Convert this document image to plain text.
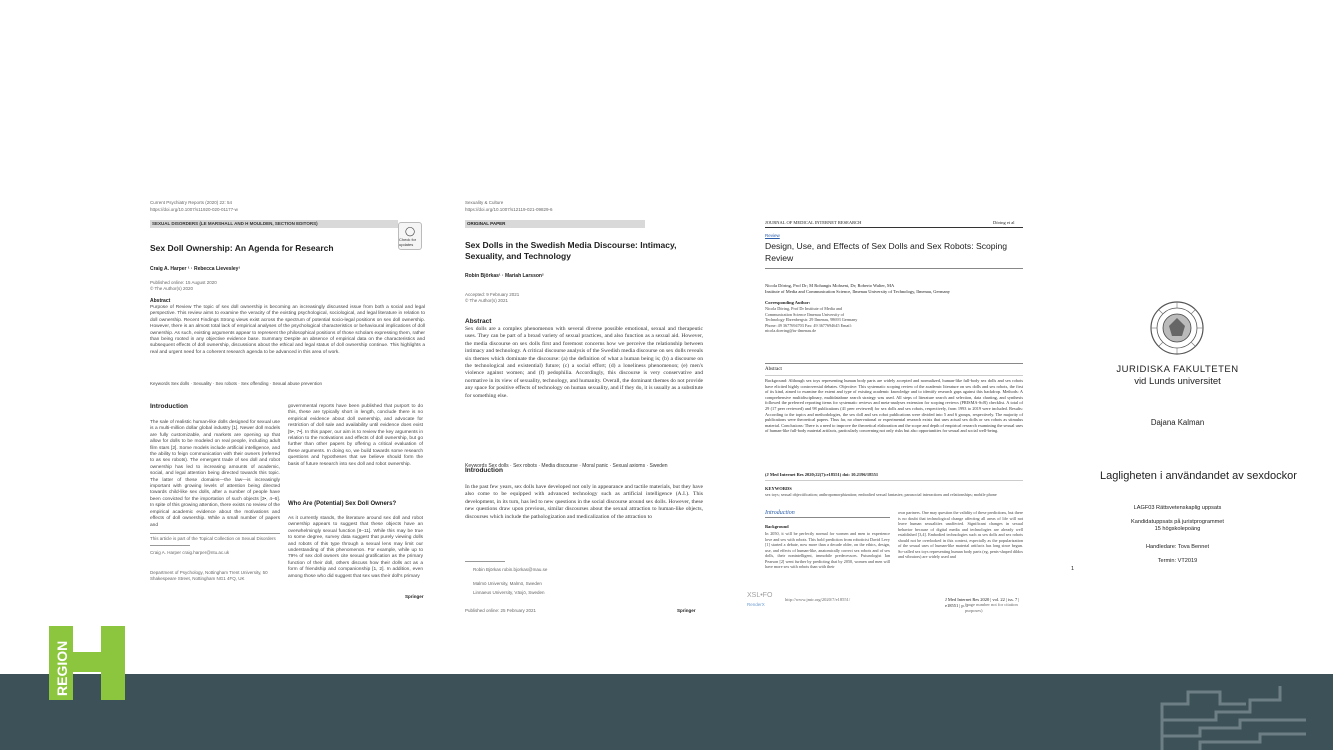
Current Psychiatry Reports (2020) 22: 54
https://doi.org/10.1007/s11920-020-01177-w
SEXUAL DISORDERS (LE MARSHALL AND H MOULDEN, SECTION EDITORS)
◯
Check for updates
Sex Doll Ownership: An Agenda for Research
Craig A. Harper ¹ · Rebecca Lievesley¹
Published online: 15 August 2020
© The Author(s) 2020
Abstract
Purpose of Review The topic of sex doll ownership is becoming an increasingly discussed issue from both a social and legal perspective. This review aims to examine the veracity of the existing psychological, sociological, and legal literature in relation to doll ownership. Recent Findings Strong views exist across the spectrum of potential socio-legal positions on sex doll ownership. However, there is an almost total lack of empirical analyses of the psychological characteristics or behavioural implications of doll ownership. As such, existing arguments appear to represent the philosophical positions of those scholars expressing them, rather than being rooted in any objective evidence base. Summary Despite an absence of empirical data on the characteristics and subsequent effects of doll ownership, discussions about the ethical and legal status of doll ownership continue. This highlights a real and urgent need for a coherent research agenda to be advanced in this area of work.
Keywords Sex dolls · Sexuality · Sex robots · Sex offending · Sexual abuse prevention
Introduction
The sale of realistic human-like dolls designed for sexual use is a multi-million dollar global industry [1]. Newer doll models are fully customizable, and markets are opening up that allow for dolls to be modeled on real people, including adult film stars [2]. Some models include artificial intelligence, and the ability to feign communication with their owners (referred to as sex robots). The emergent trade of sex doll and robot ownership has led to increasing amounts of academic, social, and legal attention being directed towards this topic. The latter of these domains—the law—is increasingly important with growing levels of attention being directed towards child-like sex dolls, after a number of people have been convicted for the importation of such objects [3•, 4–6]. In spite of this growing attention, there exists no review of the empirical academic evidence about the motivations and effects of doll ownership. While a small number of papers and
governmental reports have been published that purport to do this, these are typically short in length, conclude there is no empirical evidence about doll ownership, and advocate for restriction of doll sale and availability until evidence does exist [5•, 7•]. In this paper, our aim is to review the key arguments in relation to the motivations and effects of doll ownership, but go further than other papers by offering a critical evaluation of these arguments. In doing so, we build towards some research questions and hypotheses that we believe should form the basis of future research into sex doll and robot ownership.
Who Are (Potential) Sex Doll Owners?
As it currently stands, the literature around sex doll and robot ownership appears to suggest that these objects have an overwhelmingly sexual function [8–11]. While this may be true to some degree, survey data suggest that purely viewing dolls and robots of this type through a sexual lens may limit our understanding of this phenomenon. For example, while up to 79% of sex doll owners cite sexual gratification as the primary function of their doll, others discuss how their dolls act as a form of friendship and companionship [1, 2]. In addition, even among those who did suggest that sex was their doll's primary
This article is part of the Topical Collection on Sexual Disorders
Craig A. Harper craig.harper@ntu.ac.uk
Department of Psychology, Nottingham Trent University, 50 Shakespeare Street, Nottingham NG1 4FQ, UK
Springer
Sexuality & Culture
https://doi.org/10.1007/s12119-021-09829-6
ORIGINAL PAPER
Sex Dolls in the Swedish Media Discourse: Intimacy, Sexuality, and Technology
Robin Björkas¹ · Mariah Larsson²
Accepted: 9 February 2021
© The Author(s) 2021
Abstract
Sex dolls are a complex phenomenon with several diverse possible emotional, sexual and therapeutic uses. They can be part of a broad variety of sexual practices, and also function as a sexual aid. However, the media discourse on sex dolls first and foremost concerns how we perceive the relationship between intimacy and technology. A critical discourse analysis of the Swedish media discourse on sex dolls reveals six themes which dominate the discourse: (a) the definition of what a human being is; (b) a discourse on the technological and existential) future; (c) a social effort; (d) a loneliness phenomenon; (e) men's violence against women; and (f) pedophilia. Accordingly, this discourse is very conservative and normative in its view of sexuality, technology, and humanity. Overall, the dominant themes do not provide any space for positive effects of technology on human sexuality, and if they do, it is usually as a substitute for something else.
Keywords Sex dolls · Sex robots · Media discourse · Moral panic · Sexual axioms · Sweden
Introduction
In the past few years, sex dolls have developed not only in appearance and tactile materials, but they have also come to be equipped with advanced technology such as artificial intelligence (A.I.). This development, in its turn, has led to new questions in the social discourse around sex dolls. However, these new questions draw upon previous, similar discourses about the sexual attraction to human-like objects, discourses which include the pathologization and medicalization of the attraction to
Robin Björkas robin.bjorkas@mau.se
Malmö University, Malmö, Sweden
Linnaeus University, Växjö, Sweden
Published online: 25 February 2021	Springer
JOURNAL OF MEDICAL INTERNET RESEARCH	Döring et al
Review
Design, Use, and Effects of Sex Dolls and Sex Robots: Scoping Review
Nicola Döring, Prof Dr; M Rohangis Mohseni, Dr; Roberto Walter, MA
Institute of Media and Communication Science, Ilmenau University of Technology, Ilmenau, Germany
Corresponding Author:
Nicola Döring, Prof Dr Institute of Media and Communication Science Ilmenau University of Technology Ehrenbergstr. 29 Ilmenau, 98693 Germany Phone: 49 3677694703 Fax: 49 3677694645 Email: nicola.doering@tu-ilmenau.de
Abstract
Background: Although sex toys representing human body parts are widely accepted and normalized, human-like full-body sex dolls and sex robots have elicited highly controversial debates. Objective: This systematic scoping review of the academic literature on sex dolls and sex robots, the first of its kind, aimed to examine the extent and type of existing academic knowledge and to identify research gaps against this backdrop. Methods: A comprehensive multidisciplinary, multidatabase search strategy was used. All steps of literature search and selection, data charting, and synthesis followed the preferred reporting items for systematic reviews and meta-analyses extension for scoping reviews (PRISMA-ScR) checklist. A total of 29 (17 peer reviewed) and 98 publications (41 peer reviewed) for sex dolls and sex robots, respectively, from 1993 to 2019 were included. Results: According to the topics and methodologies, the sex doll and sex robot publications were divided into 5 and 6 groups, respectively. The majority of publications were theoretical papers. Thus far, no observational or experimental research exists that uses actual sex dolls or sex robots as stimulus material. Conclusions: There is a need to improve the theoretical elaboration and the scope and depth of empirical research examining the sexual uses of human-like full-body material artifacts, particularly concerning not only risks but also opportunities for sexual and social well-being.
(J Med Internet Res 2020;22(7):e18551) doi: 10.2196/18551
KEYWORDS
sex toys; sexual objectification; anthropomorphization; embodied sexual fantasies; parasocial interactions and relationships; mobile phone
Introduction
Background
In 2050, it will be perfectly normal for women and men to experience love and sex with robots. This bold prediction from roboticist David Levy [1] started a debate, now more than a decade older, on the ethics, design, use, and effects of human-like, anatomically correct sex robots and of sex dolls, their nonintelligent, immobile predecessors. Futurologist Ian Pearson [2] went further by predicting that by 2050, women and men will have more sex with robots than with their
own partners. One may question the validity of these predictions, but there is no doubt that technological change affecting all areas of life will not leave human sexualities unaffected. Significant changes in sexual behavior because of digital media and technologies are already well established [3,4]. Embodied technologies such as sex dolls and sex robots should not be overlooked in this context, especially as the popularization of the sexual uses of human-like material artifacts has long since begun. So-called sex toys representing human body parts (eg, penis-shaped dildos and vibrators) are widely used and
http://www.jmir.org/2020/7/e18551/	J Med Internet Res 2020 | vol. 22 | iss. 7 | e18551 | p. 1
(page number not for citation purposes)
XSL•FO
RenderX
JURIDISKA FAKULTETEN
vid Lunds universitet
Dajana Kalman
Lagligheten i användandet av sexdockor
LAGF03 Rättsvetenskaplig uppsats
Kandidatuppsats på juristprogrammet
15 högskolepoäng
Handledare: Tova Bennet
Termin: VT2019
1
REGION
